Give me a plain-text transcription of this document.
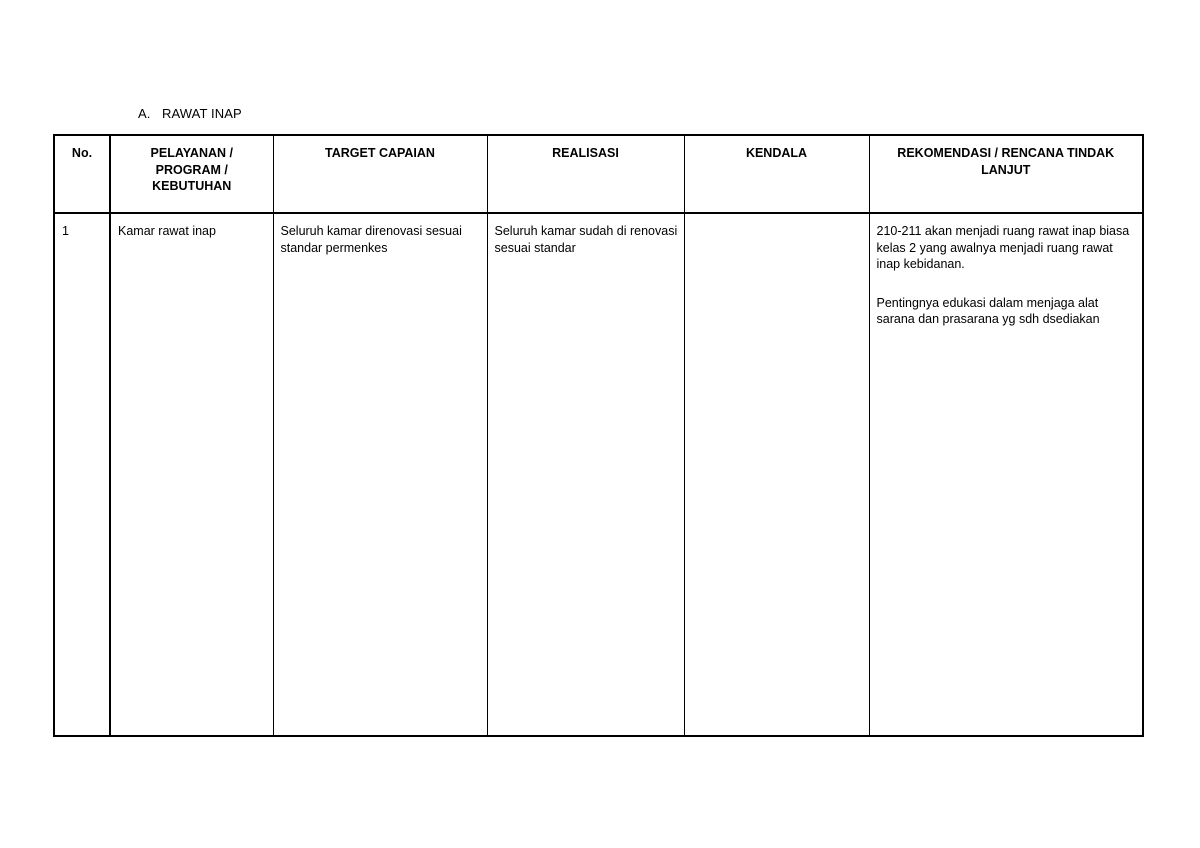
A. RAWAT INAP
No.	PELAYANAN / PROGRAM / KEBUTUHAN	TARGET CAPAIAN	REALISASI	KENDALA	REKOMENDASI / RENCANA TINDAK LANJUT

1	Kamar rawat inap	Seluruh kamar direnovasi sesuai standar permenkes	Seluruh kamar sudah di renovasi sesuai standar		210-211 akan menjadi ruang rawat inap biasa kelas 2 yang awalnya menjadi ruang rawat inap kebidanan.

Pentingnya edukasi dalam menjaga alat sarana dan prasarana yg sdh dsediakan
